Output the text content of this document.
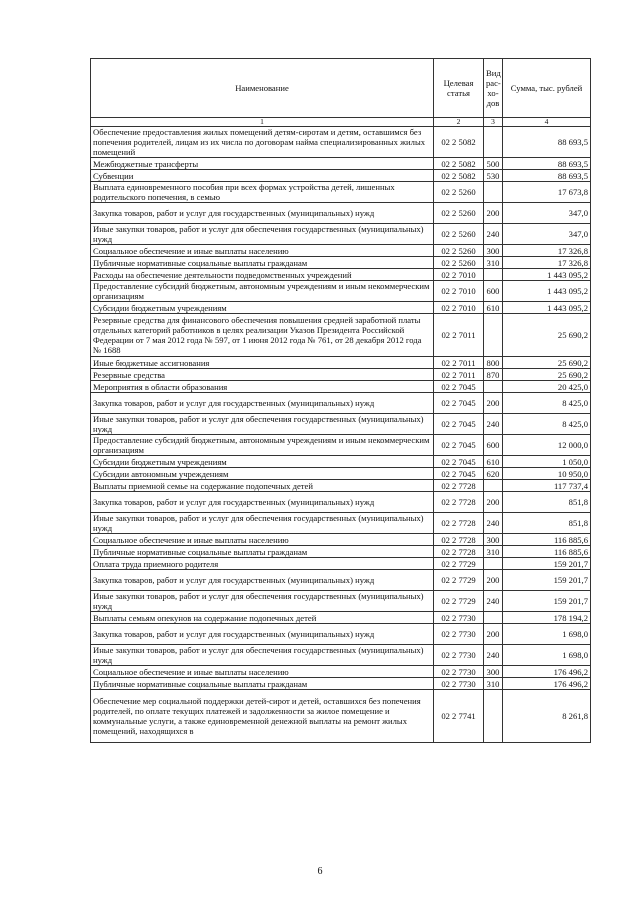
Наименование	Целевая статья	Вид рас-хо-дов	Сумма, тыс. рублей
1	2	3	4
Обеспечение предоставления жилых помещений детям-сиротам и детям, оставшимся без попечения родителей, лицам из их числа по договорам найма специализированных жилых помещений	02 2 5082		88 693,5
Межбюджетные трансферты	02 2 5082	500	88 693,5
Субвенции	02 2 5082	530	88 693,5
Выплата единовременного пособия при всех формах устройства детей, лишенных родительского попечения, в семью	02 2 5260		17 673,8
Закупка товаров, работ и услуг для государственных (муниципальных) нужд	02 2 5260	200	347,0
Иные закупки товаров, работ и услуг для обеспечения государственных (муниципальных) нужд	02 2 5260	240	347,0
Социальное обеспечение и иные выплаты населению	02 2 5260	300	17 326,8
Публичные нормативные социальные выплаты гражданам	02 2 5260	310	17 326,8
Расходы на обеспечение деятельности подведомственных учреждений	02 2 7010		1 443 095,2
Предоставление субсидий бюджетным, автономным учреждениям и иным некоммерческим организациям	02 2 7010	600	1 443 095,2
Субсидии бюджетным учреждениям	02 2 7010	610	1 443 095,2
Резервные средства для финансового обеспечения повышения средней заработной платы отдельных категорий работников в целях реализации Указов Президента Российской Федерации от 7 мая 2012 года № 597, от 1 июня 2012 года № 761, от 28 декабря 2012 года № 1688	02 2 7011		25 690,2
Иные бюджетные ассигнования	02 2 7011	800	25 690,2
Резервные средства	02 2 7011	870	25 690,2
Мероприятия в области образования	02 2 7045		20 425,0
Закупка товаров, работ и услуг для государственных (муниципальных) нужд	02 2 7045	200	8 425,0
Иные закупки товаров, работ и услуг для обеспечения государственных (муниципальных) нужд	02 2 7045	240	8 425,0
Предоставление субсидий бюджетным, автономным учреждениям и иным некоммерческим организациям	02 2 7045	600	12 000,0
Субсидии бюджетным учреждениям	02 2 7045	610	1 050,0
Субсидии автономным учреждениям	02 2 7045	620	10 950,0
Выплаты приемной семье на содержание подопечных детей	02 2 7728		117 737,4
Закупка товаров, работ и услуг для государственных (муниципальных) нужд	02 2 7728	200	851,8
Иные закупки товаров, работ и услуг для обеспечения государственных (муниципальных) нужд	02 2 7728	240	851,8
Социальное обеспечение и иные выплаты населению	02 2 7728	300	116 885,6
Публичные нормативные социальные выплаты гражданам	02 2 7728	310	116 885,6
Оплата труда приемного родителя	02 2 7729		159 201,7
Закупка товаров, работ и услуг для государственных (муниципальных) нужд	02 2 7729	200	159 201,7
Иные закупки товаров, работ и услуг для обеспечения государственных (муниципальных) нужд	02 2 7729	240	159 201,7
Выплаты семьям опекунов на содержание подопечных детей	02 2 7730		178 194,2
Закупка товаров, работ и услуг для государственных (муниципальных) нужд	02 2 7730	200	1 698,0
Иные закупки товаров, работ и услуг для обеспечения государственных (муниципальных) нужд	02 2 7730	240	1 698,0
Социальное обеспечение и иные выплаты населению	02 2 7730	300	176 496,2
Публичные нормативные социальные выплаты гражданам	02 2 7730	310	176 496,2
Обеспечение мер социальной поддержки детей-сирот и детей, оставшихся без попечения родителей, по оплате текущих платежей и задолженности за жилое помещение и коммунальные услуги, а также единовременной денежной выплаты на ремонт жилых помещений, находящихся в	02 2 7741		8 261,8
6
